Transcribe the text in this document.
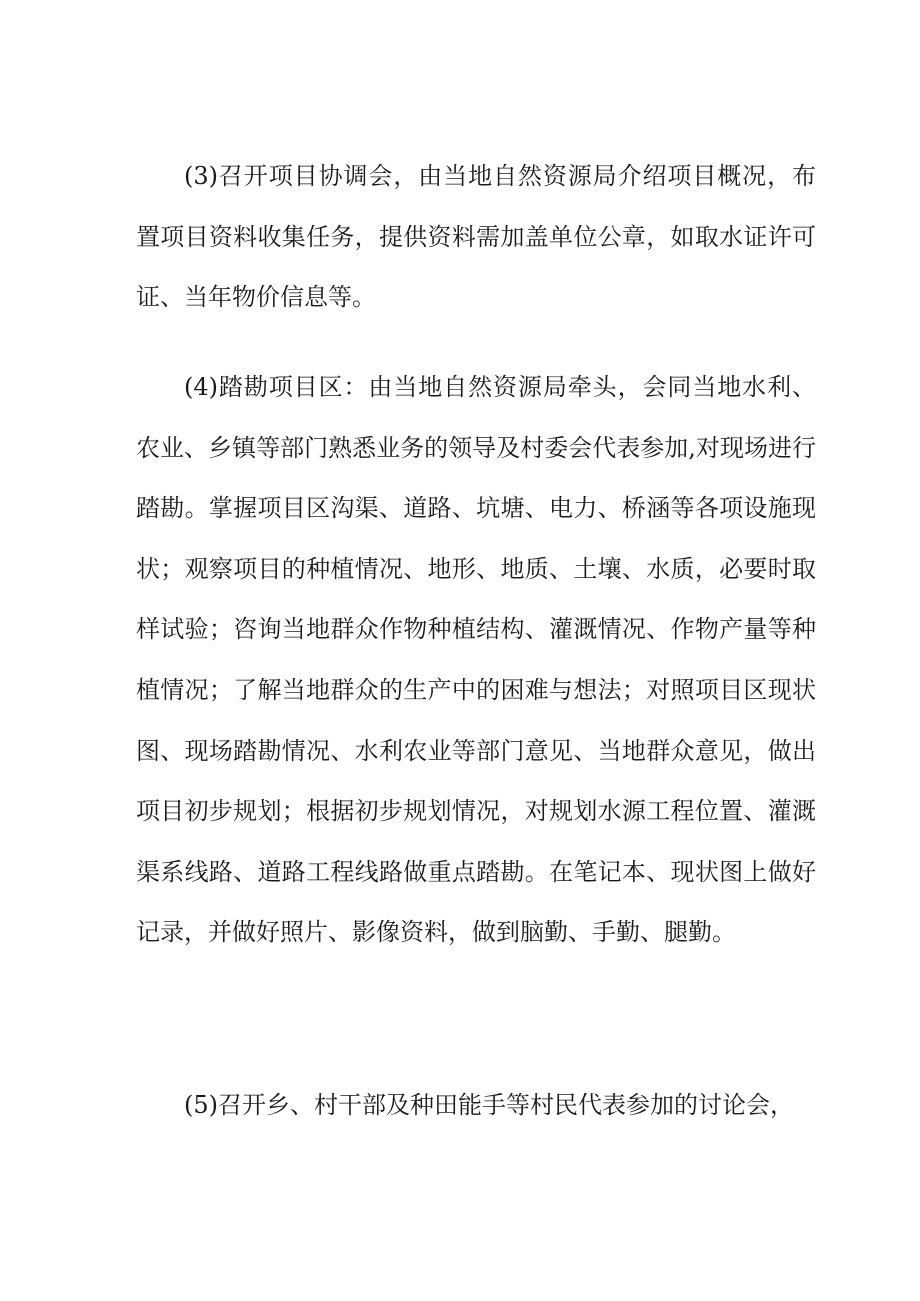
(3)召开项目协调会，由当地自然资源局介绍项目概况，布置项目资料收集任务，提供资料需加盖单位公章，如取水证许可证、当年物价信息等。

(4)踏勘项目区：由当地自然资源局牵头，会同当地水利、农业、乡镇等部门熟悉业务的领导及村委会代表参加,对现场进行踏勘。掌握项目区沟渠、道路、坑塘、电力、桥涵等各项设施现状；观察项目的种植情况、地形、地质、土壤、水质，必要时取样试验；咨询当地群众作物种植结构、灌溉情况、作物产量等种植情况；了解当地群众的生产中的困难与想法；对照项目区现状图、现场踏勘情况、水利农业等部门意见、当地群众意见，做出项目初步规划；根据初步规划情况，对规划水源工程位置、灌溉渠系线路、道路工程线路做重点踏勘。在笔记本、现状图上做好记录，并做好照片、影像资料，做到脑勤、手勤、腿勤。

(5)召开乡、村干部及种田能手等村民代表参加的讨论会，
